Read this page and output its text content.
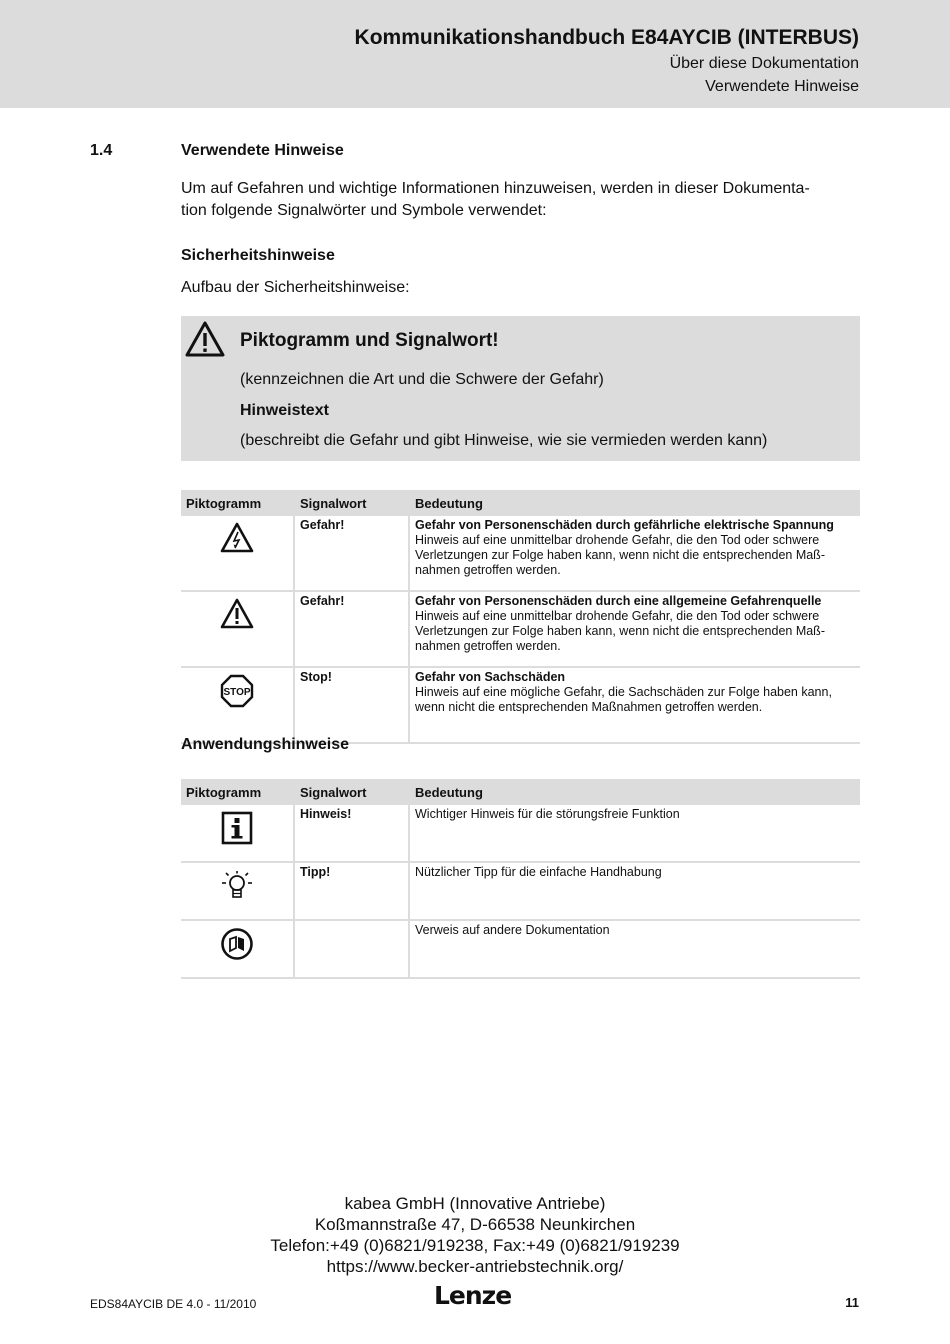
Kommunikationshandbuch E84AYCIB (INTERBUS)
Über diese Dokumentation
Verwendete Hinweise
1.4	Verwendete Hinweise
Um auf Gefahren und wichtige Informationen hinzuweisen, werden in dieser Dokumenta-
tion folgende Signalwörter und Symbole verwendet:
Sicherheitshinweise
Aufbau der Sicherheitshinweise:
Piktogramm und Signalwort!
(kennzeichnen die Art und die Schwere der Gefahr)
Hinweistext
(beschreibt die Gefahr und gibt Hinweise, wie sie vermieden werden kann)
Piktogramm	Signalwort	Bedeutung
	Gefahr!	Gefahr von Personenschäden durch gefährliche elektrische Spannung
Hinweis auf eine unmittelbar drohende Gefahr, die den Tod oder schwere
Verletzungen zur Folge haben kann, wenn nicht die entsprechenden Maß-
nahmen getroffen werden.

	Gefahr!	Gefahr von Personenschäden durch eine allgemeine Gefahrenquelle
Hinweis auf eine unmittelbar drohende Gefahr, die den Tod oder schwere
Verletzungen zur Folge haben kann, wenn nicht die entsprechenden Maß-
nahmen getroffen werden.

STOP	Stop!	Gefahr von Sachschäden
Hinweis auf eine mögliche Gefahr, die Sachschäden zur Folge haben kann,
wenn nicht die entsprechenden Maßnahmen getroffen werden.
Anwendungshinweise
Piktogramm	Signalwort	Bedeutung
	Hinweis!	Wichtiger Hinweis für die störungsfreie Funktion
	Tipp!	Nützlicher Tipp für die einfache Handhabung
		Verweis auf andere Dokumentation
kabea GmbH (Innovative Antriebe)
Koßmannstraße 47, D-66538 Neunkirchen
Telefon:+49 (0)6821/919238, Fax:+49 (0)6821/919239
https://www.becker-antriebstechnik.org/
EDS84AYCIB DE 4.0 - 11/2010	Lenze	11
